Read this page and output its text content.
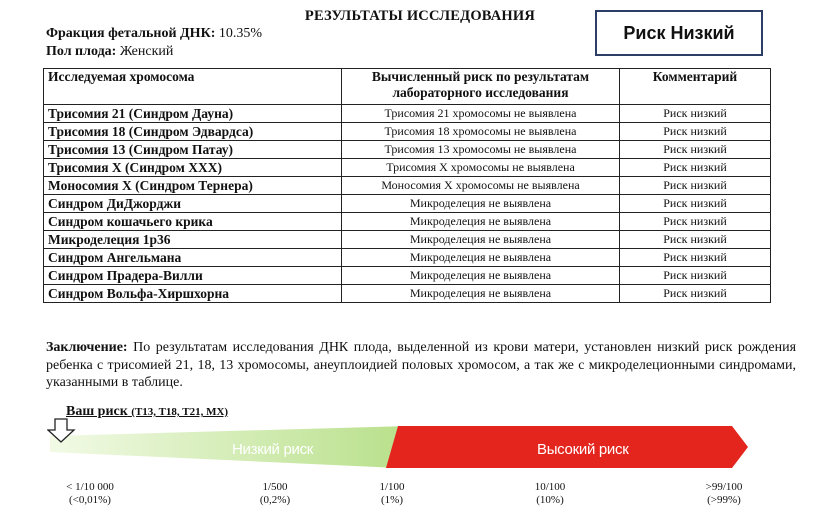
РЕЗУЛЬТАТЫ ИССЛЕДОВАНИЯ
Фракция фетальной ДНК: 10.35%
Пол плода: Женский
Риск Низкий
Исследуемая хромосома	Вычисленный риск по результатам лабораторного исследования	Комментарий
Трисомия 21 (Синдром Дауна)	Трисомия 21 хромосомы не выявлена	Риск низкий
Трисомия 18 (Синдром Эдвардса)	Трисомия 18 хромосомы не выявлена	Риск низкий
Трисомия 13 (Синдром Патау)	Трисомия 13 хромосомы не выявлена	Риск низкий
Трисомия X (Синдром XXX)	Трисомия X хромосомы не выявлена	Риск низкий
Моносомия X (Синдром Тернера)	Моносомия X хромосомы не выявлена	Риск низкий
Синдром ДиДжорджи	Микроделеция не выявлена	Риск низкий
Синдром кошачьего крика	Микроделеция не выявлена	Риск низкий
Микроделеция 1p36	Микроделеция не выявлена	Риск низкий
Синдром Ангельмана	Микроделеция не выявлена	Риск низкий
Синдром Прадера-Вилли	Микроделеция не выявлена	Риск низкий
Синдром Вольфа-Хиршхорна	Микроделеция не выявлена	Риск низкий
Заключение: По результатам исследования ДНК плода, выделенной из крови матери, установлен низкий риск рождения ребенка с трисомией 21, 18, 13 хромосомы, анеуплоидией половых хромосом, а так же с микроделеционными синдромами, указанными в таблице.
Ваш риск (T13, T18, T21, MX)
Низкий риск	Высокий риск
< 1/10 000
(<0,01%)
1/500
(0,2%)
1/100
(1%)
10/100
(10%)
>99/100
(>99%)
